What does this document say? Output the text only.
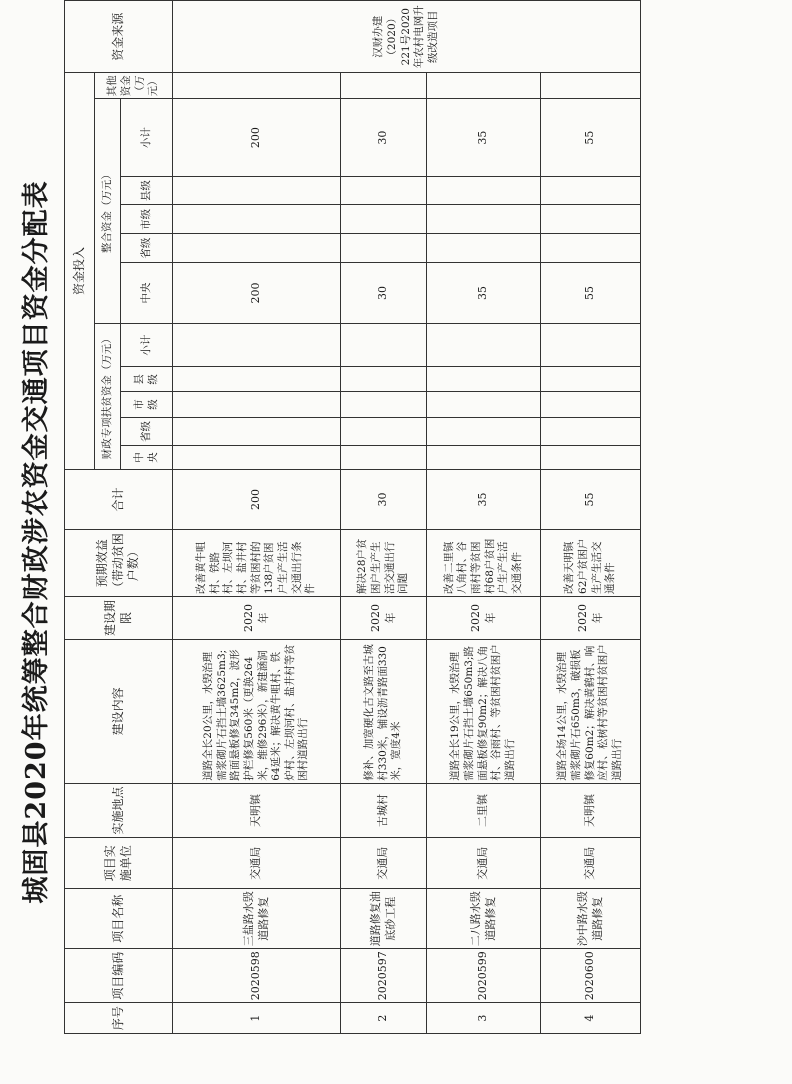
城固县2020年统筹整合财政涉农资金交通项目资金分配表
序号	项目编码	项目名称	项目实施单位	实施地点	建设内容	建设期限	预期效益（带动贫困户数）	合计	资金投入											资金来源
									财政专项扶贫资金（万元）					整合资金（万元）					其他资金（万元）	
									中央	省级	市级	县级	小计	中央	省级	市级	县级	小计		

1	2020598	三盐路水毁道路修复	交通局	天明镇	道路全长20公里，水毁治理需浆砌片石挡土墙3625m3;路面悬板修复345m2，波形护栏修复560米（更换264米，维修296米），新建涵洞64延米；解决黄牛咀村、铁炉村、左坝河村、盐井村等贫困村道路出行	2020年	改善黄牛咀村、铁路村、左坝河村、盐井村等贫困村的138户贫困户生产生活交通出行条件	200						200				200		汉财办建（2020）221号2020年农村电网升级改造项目
2	2020597	道路修复油底砂工程	交通局	古城村	修补、加宽硬化古文路至古城村330米，铺设沥青路面330米，宽度4米	2020年	解决28户贫困户生产生活交通出行问题	30						30				30		
3	2020599	二八路水毁道路修复	交通局	二里镇	道路全长19公里，水毁治理需浆砌片石挡土墙650m3;路面悬板修复90m2；解决八角村、谷雨村、等贫困村贫困户道路出行	2020年	改善二里镇八角村、谷雨村等贫困村68户贫困户生产生活交通条件	35						35				35		
4	2020600	沙中路水毁道路修复	交通局	天明镇	道路全场14公里，水毁治理需浆砌片石650m3，破损板修复60m2；解决黄鹤村、响应村、松树村等贫困村贫困户道路出行	2020年	改善天明镇62户贫困户生产生活交通条件	55						55				55		
